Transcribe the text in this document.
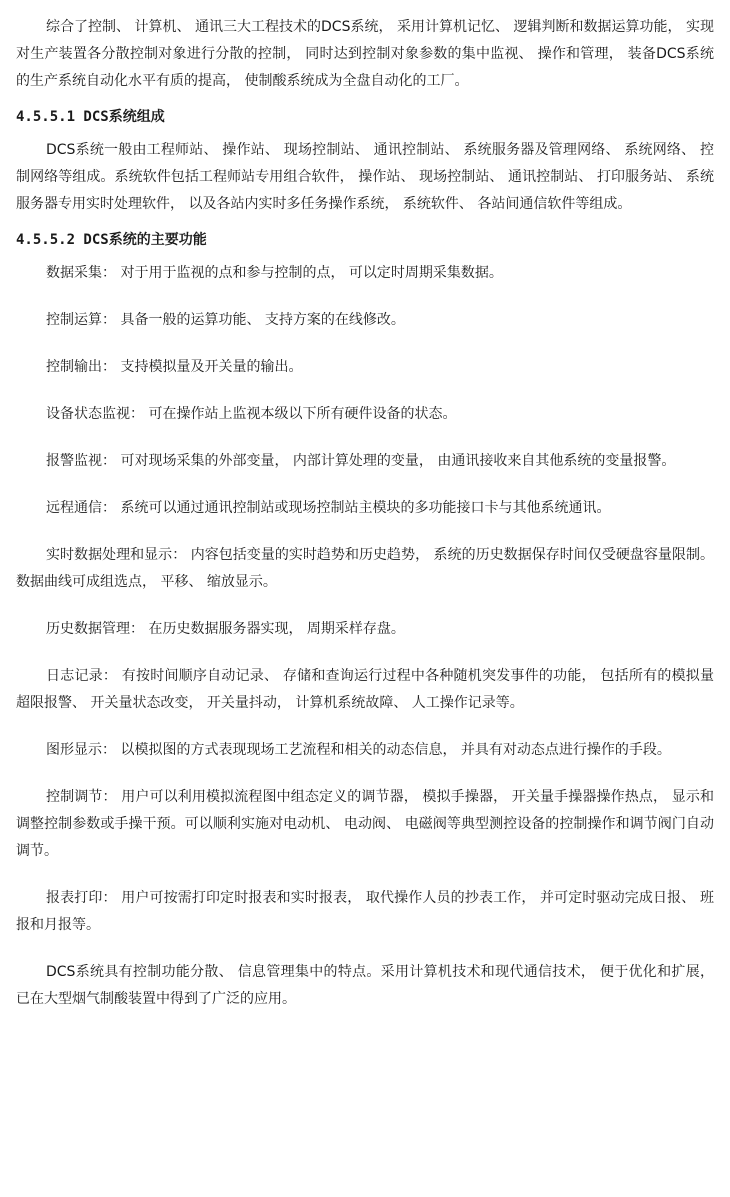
综合了控制、 计算机、 通讯三大工程技术的DCS系统， 采用计算机记忆、 逻辑判断和数据运算功能， 实现对生产装置各分散控制对象进行分散的控制， 同时达到控制对象参数的集中监视、 操作和管理， 装备DCS系统的生产系统自动化水平有质的提高， 使制酸系统成为全盘自动化的工厂。

4.5.5.1 DCS系统组成

DCS系统一般由工程师站、 操作站、 现场控制站、 通讯控制站、 系统服务器及管理网络、 系统网络、 控制网络等组成。系统软件包括工程师站专用组合软件， 操作站、 现场控制站、 通讯控制站、 打印服务站、 系统服务器专用实时处理软件， 以及各站内实时多任务操作系统， 系统软件、 各站间通信软件等组成。

4.5.5.2 DCS系统的主要功能

数据采集： 对于用于监视的点和参与控制的点， 可以定时周期采集数据。

控制运算： 具备一般的运算功能、 支持方案的在线修改。

控制输出： 支持模拟量及开关量的输出。

设备状态监视： 可在操作站上监视本级以下所有硬件设备的状态。

报警监视： 可对现场采集的外部变量， 内部计算处理的变量， 由通讯接收来自其他系统的变量报警。

远程通信： 系统可以通过通讯控制站或现场控制站主模块的多功能接口卡与其他系统通讯。

实时数据处理和显示： 内容包括变量的实时趋势和历史趋势， 系统的历史数据保存时间仅受硬盘容量限制。数据曲线可成组选点， 平移、 缩放显示。

历史数据管理： 在历史数据服务器实现， 周期采样存盘。

日志记录： 有按时间顺序自动记录、 存储和查询运行过程中各种随机突发事件的功能， 包括所有的模拟量超限报警、 开关量状态改变， 开关量抖动， 计算机系统故障、 人工操作记录等。

图形显示： 以模拟图的方式表现现场工艺流程和相关的动态信息， 并具有对动态点进行操作的手段。

控制调节： 用户可以利用模拟流程图中组态定义的调节器， 模拟手操器， 开关量手操器操作热点， 显示和调整控制参数或手操干预。可以顺利实施对电动机、 电动阀、 电磁阀等典型测控设备的控制操作和调节阀门自动调节。

报表打印： 用户可按需打印定时报表和实时报表， 取代操作人员的抄表工作， 并可定时驱动完成日报、 班报和月报等。

DCS系统具有控制功能分散、 信息管理集中的特点。采用计算机技术和现代通信技术， 便于优化和扩展， 已在大型烟气制酸装置中得到了广泛的应用。
